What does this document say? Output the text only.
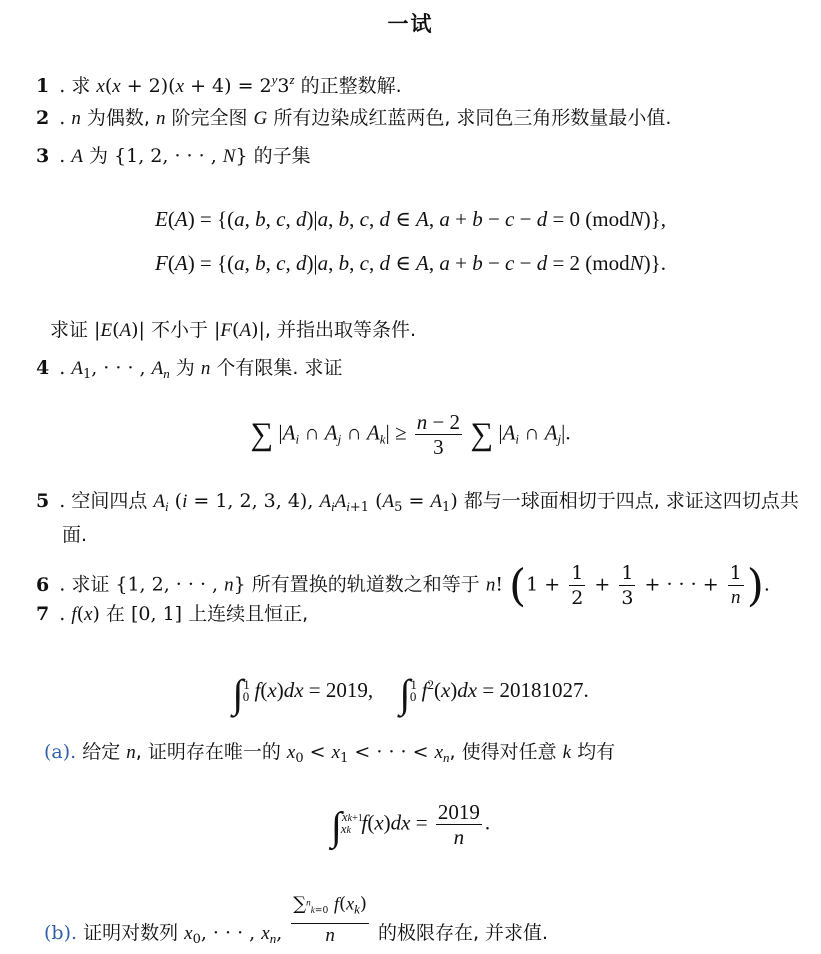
一试
1 . 求 $x(x + 2)(x + 4) = 2^y3^z$ 的正整数解.
2 . n 为偶数, n 阶完全图 G 所有边染成红蓝两色, 求同色三角形数量最小值.
3 . A 为 {1, 2, · · · , N} 的子集
E(A) = {(a, b, c, d)|a, b, c, d ∈ A, a + b − c − d = 0 (modN)},
F(A) = {(a, b, c, d)|a, b, c, d ∈ A, a + b − c − d = 2 (modN)}.
求证 |E(A)| 不小于 |F(A)|, 并指出取等条件.
4 . $A_1$, · · · , $A_n$ 为 n 个有限集. 求证
∑ $|A_i$ ∩ $A_j$ ∩ $A_k| \ge \frac{n - 2}{3}$ ∑ $|A_i$ ∩ $A_j|$.
5 . 空间四点 $A_i$ (i = 1, 2, 3, 4), $A_iA_{i+1}$ $(A_5 = A_1)$ 都与一球面相切于四点, 求证这四切点共
面.
6 . 求证 {1, 2, · · · , n} 所有置换的轨道数之和等于 n! ($1 + \frac{1}{2} + \frac{1}{3}$ + · · · + $\frac{1}{n}$ ).
7 . f(x) 在 [0, 1] 上连续且恒正,
∫$^1_0$ f(x)dx = 2019,     ∫$^1_0$ $f^2(x)dx = 20181027$.
(a). 给定 n, 证明存在唯一的 $x_0 < x_1$ < · · · < $x_n$, 使得对任意 k 均有
∫$^{xk+1}_{xk}$ $f(x)dx = \frac{2019}{n}$ .
(b). 证明对数列 $x_0$, · · · , $x_n$, $\frac{\sum^n_{k=0} f(x_k)}{n}$ 的极限存在, 并求值.
